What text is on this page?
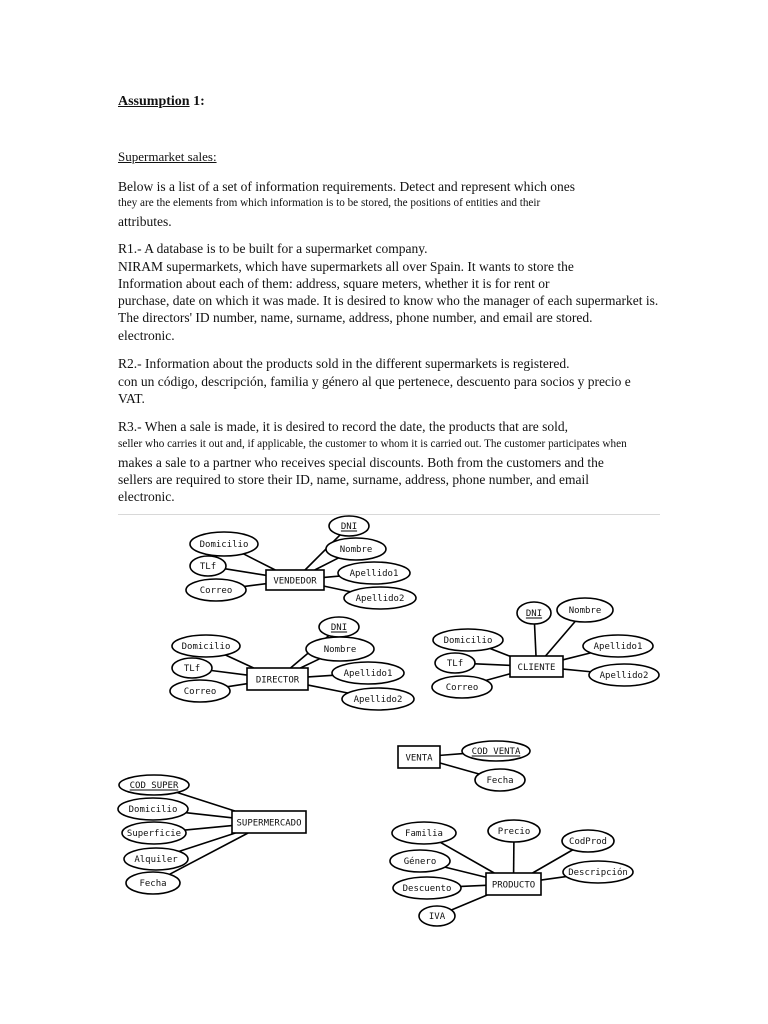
Assumption 1:
Supermarket sales:
Below is a list of a set of information requirements. Detect and represent which ones
they are the elements from which information is to be stored, the positions of entities and their
attributes.
R1.- A database is to be built for a supermarket company.
NIRAM supermarkets, which have supermarkets all over Spain. It wants to store the
Information about each of them: address, square meters, whether it is for rent or
purchase, date on which it was made. It is desired to know who the manager of each supermarket is.
The directors' ID number, name, surname, address, phone number, and email are stored.
electronic.
R2.- Information about the products sold in the different supermarkets is registered.
con un código, descripción, familia y género al que pertenece, descuento para socios y precio e
VAT.
R3.- When a sale is made, it is desired to record the date, the products that are sold,
seller who carries it out and, if applicable, the customer to whom it is carried out. The customer participates when
makes a sale to a partner who receives special discounts. Both from the customers and the
sellers are required to store their ID, name, surname, address, phone number, and email
electronic.
VENDEDOR
DNI
Nombre
Apellido1
Apellido2
Domicilio
TLf
Correo
DIRECTOR
DNI
Nombre
Apellido1
Apellido2
Domicilio
TLf
Correo
CLIENTE
DNI	Nombre
Apellido1
Apellido2
Domicilio
TLf
Correo
VENTA
COD_VENTA
Fecha
SUPERMERCADO
COD_SUPER
Domicilio
Superficie
Alquiler
Fecha	PRODUCTO
Familia	Precio
CodProd
Género
Descripción
Descuento
IVA
